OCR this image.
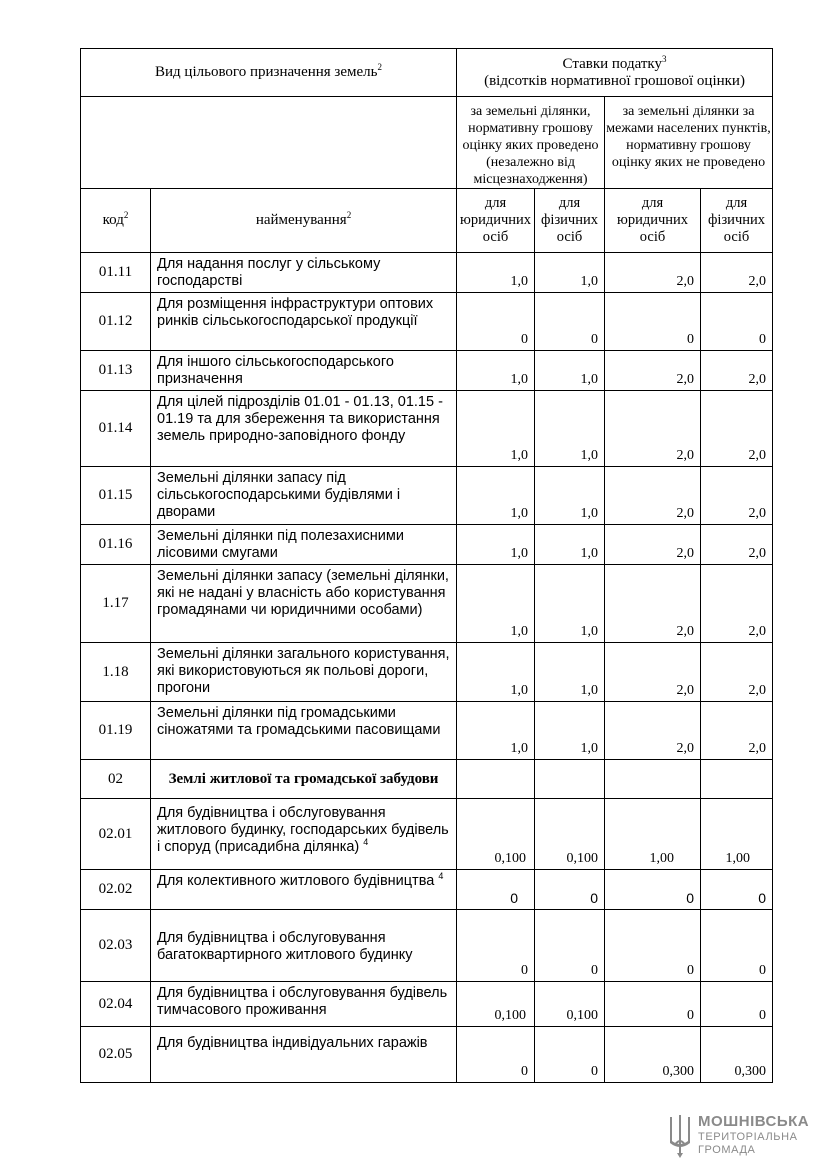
Вид цільового призначення земель$^2$		Ставки податку$^3$
(відсотків нормативної грошової оцінки)			
		за земельні ділянки, нормативну грошову оцінку яких проведено (незалежно від місцезнаходження)		за земельні ділянки за межами населених пунктів, нормативну грошову оцінку яких не проведено	
код$^2$	найменування$^2$	для юридичних осіб	для фізичних осіб	для юридичних осіб	для фізичних осіб
01.11	Для надання послуг у сільському господарстві	1,0	1,0	2,0	2,0
01.12	Для розміщення інфраструктури оптових ринків сільськогосподарської продукції	0	0	0	0
01.13	Для іншого сільськогосподарського призначення	1,0	1,0	2,0	2,0
01.14	Для цілей підрозділів 01.01 - 01.13, 01.15 - 01.19 та для збереження та використання земель природно-заповідного фонду	1,0	1,0	2,0	2,0
01.15	Земельні ділянки запасу під сільськогосподарськими будівлями і дворами	1,0	1,0	2,0	2,0
01.16	Земельні ділянки під полезахисними лісовими смугами	1,0	1,0	2,0	2,0
1.17	Земельні ділянки запасу (земельні ділянки, які не надані у власність або користування громадянами чи юридичними особами)	1,0	1,0	2,0	2,0
1.18	Земельні ділянки загального користування, які використовуються як польові дороги, прогони	1,0	1,0	2,0	2,0
01.19	Земельні ділянки під громадськими сіножатями та громадськими пасовищами	1,0	1,0	2,0	2,0
02	Землі житлової та громадської забудови				
02.01	Для будівництва і обслуговування житлового будинку, господарських будівель і споруд (присадибна ділянка) $^4$	0,100	0,100	1,00	1,00
02.02	Для колективного житлового будівництва $^4$	0	0	0	0
02.03	Для будівництва і обслуговування багатоквартирного житлового будинку	0	0	0	0
02.04	Для будівництва і обслуговування будівель тимчасового проживання	0,100	0,100	0	0
02.05	Для будівництва індивідуальних гаражів	0	0	0,300	0,300
МОШНІВСЬКА
ТЕРИТОРІАЛЬНА
ГРОМАДА
